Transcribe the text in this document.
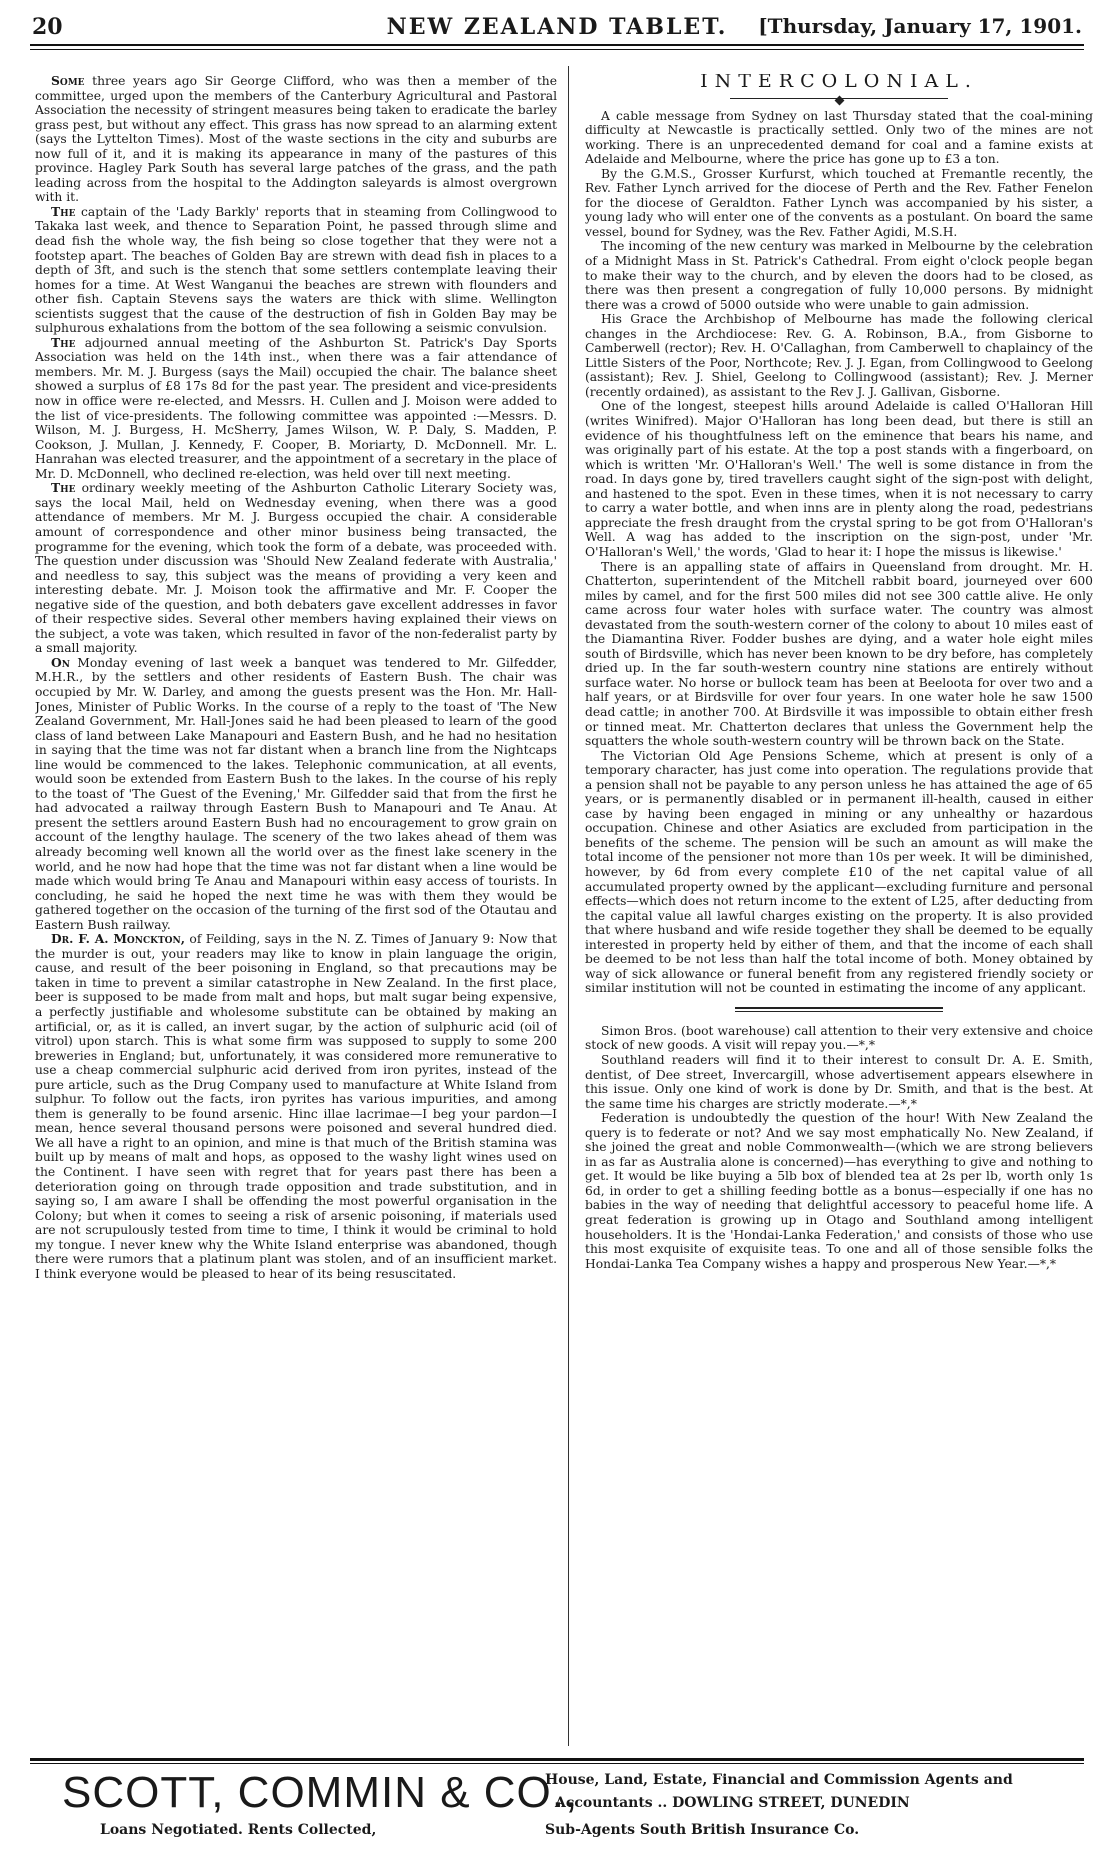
20	NEW ZEALAND TABLET.	[Thursday, January 17, 1901.

Some three years ago Sir George Clifford, who was then a member of the committee, urged upon the members of the Canterbury Agricultural and Pastoral Association the necessity of stringent measures being taken to eradicate the barley grass pest, but without any effect. This grass has now spread to an alarming extent (says the Lyttelton Times). Most of the waste sections in the city and suburbs are now full of it, and it is making its appearance in many of the pastures of this province. Hagley Park South has several large patches of the grass, and the path leading across from the hospital to the Addington saleyards is almost overgrown with it.

The captain of the 'Lady Barkly' reports that in steaming from Collingwood to Takaka last week, and thence to Separation Point, he passed through slime and dead fish the whole way, the fish being so close together that they were not a footstep apart. The beaches of Golden Bay are strewn with dead fish in places to a depth of 3ft, and such is the stench that some settlers contemplate leaving their homes for a time. At West Wanganui the beaches are strewn with flounders and other fish. Captain Stevens says the waters are thick with slime. Wellington scientists suggest that the cause of the destruction of fish in Golden Bay may be sulphurous exhalations from the bottom of the sea following a seismic convulsion.

The adjourned annual meeting of the Ashburton St. Patrick's Day Sports Association was held on the 14th inst., when there was a fair attendance of members. Mr. M. J. Burgess (says the Mail) occupied the chair. The balance sheet showed a surplus of £8 17s 8d for the past year. The president and vice-presidents now in office were re-elected, and Messrs. H. Cullen and J. Moison were added to the list of vice-presidents. The following committee was appointed :—Messrs. D. Wilson, M. J. Burgess, H. McSherry, James Wilson, W. P. Daly, S. Madden, P. Cookson, J. Mullan, J. Kennedy, F. Cooper, B. Moriarty, D. McDonnell. Mr. L. Hanrahan was elected treasurer, and the appointment of a secretary in the place of Mr. D. McDonnell, who declined re-election, was held over till next meeting.

The ordinary weekly meeting of the Ashburton Catholic Literary Society was, says the local Mail, held on Wednesday evening, when there was a good attendance of members. Mr M. J. Burgess occupied the chair. A considerable amount of correspondence and other minor business being transacted, the programme for the evening, which took the form of a debate, was proceeded with. The question under discussion was 'Should New Zealand federate with Australia,' and needless to say, this subject was the means of providing a very keen and interesting debate. Mr. J. Moison took the affirmative and Mr. F. Cooper the negative side of the question, and both debaters gave excellent addresses in favor of their respective sides. Several other members having explained their views on the subject, a vote was taken, which resulted in favor of the non-federalist party by a small majority.

On Monday evening of last week a banquet was tendered to Mr. Gilfedder, M.H.R., by the settlers and other residents of Eastern Bush. The chair was occupied by Mr. W. Darley, and among the guests present was the Hon. Mr. Hall-Jones, Minister of Public Works. In the course of a reply to the toast of 'The New Zealand Government, Mr. Hall-Jones said he had been pleased to learn of the good class of land between Lake Manapouri and Eastern Bush, and he had no hesitation in saying that the time was not far distant when a branch line from the Nightcaps line would be commenced to the lakes. Telephonic communication, at all events, would soon be extended from Eastern Bush to the lakes. In the course of his reply to the toast of 'The Guest of the Evening,' Mr. Gilfedder said that from the first he had advocated a railway through Eastern Bush to Manapouri and Te Anau. At present the settlers around Eastern Bush had no encouragement to grow grain on account of the lengthy haulage. The scenery of the two lakes ahead of them was already becoming well known all the world over as the finest lake scenery in the world, and he now had hope that the time was not far distant when a line would be made which would bring Te Anau and Manapouri within easy access of tourists. In concluding, he said he hoped the next time he was with them they would be gathered together on the occasion of the turning of the first sod of the Otautau and Eastern Bush railway.

Dr. F. A. Monckton, of Feilding, says in the N. Z. Times of January 9: Now that the murder is out, your readers may like to know in plain language the origin, cause, and result of the beer poisoning in England, so that precautions may be taken in time to prevent a similar catastrophe in New Zealand. In the first place, beer is supposed to be made from malt and hops, but malt sugar being expensive, a perfectly justifiable and wholesome substitute can be obtained by making an artificial, or, as it is called, an invert sugar, by the action of sulphuric acid (oil of vitrol) upon starch. This is what some firm was supposed to supply to some 200 breweries in England; but, unfortunately, it was considered more remunerative to use a cheap commercial sulphuric acid derived from iron pyrites, instead of the pure article, such as the Drug Company used to manufacture at White Island from sulphur. To follow out the facts, iron pyrites has various impurities, and among them is generally to be found arsenic. Hinc illae lacrimae—I beg your pardon—I mean, hence several thousand persons were poisoned and several hundred died. We all have a right to an opinion, and mine is that much of the British stamina was built up by means of malt and hops, as opposed to the washy light wines used on the Continent. I have seen with regret that for years past there has been a deterioration going on through trade opposition and trade substitution, and in saying so, I am aware I shall be offending the most powerful organisation in the Colony; but when it comes to seeing a risk of arsenic poisoning, if materials used are not scrupulously tested from time to time, I think it would be criminal to hold my tongue. I never knew why the White Island enterprise was abandoned, though there were rumors that a platinum plant was stolen, and of an insufficient market. I think everyone would be pleased to hear of its being resuscitated.

INTERCOLONIAL.

A cable message from Sydney on last Thursday stated that the coal-mining difficulty at Newcastle is practically settled. Only two of the mines are not working. There is an unprecedented demand for coal and a famine exists at Adelaide and Melbourne, where the price has gone up to £3 a ton.

By the G.M.S., Grosser Kurfurst, which touched at Fremantle recently, the Rev. Father Lynch arrived for the diocese of Perth and the Rev. Father Fenelon for the diocese of Geraldton. Father Lynch was accompanied by his sister, a young lady who will enter one of the convents as a postulant. On board the same vessel, bound for Sydney, was the Rev. Father Agidi, M.S.H.

The incoming of the new century was marked in Melbourne by the celebration of a Midnight Mass in St. Patrick's Cathedral. From eight o'clock people began to make their way to the church, and by eleven the doors had to be closed, as there was then present a congregation of fully 10,000 persons. By midnight there was a crowd of 5000 outside who were unable to gain admission.

His Grace the Archbishop of Melbourne has made the following clerical changes in the Archdiocese: Rev. G. A. Robinson, B.A., from Gisborne to Camberwell (rector); Rev. H. O'Callaghan, from Camberwell to chaplaincy of the Little Sisters of the Poor, Northcote; Rev. J. J. Egan, from Collingwood to Geelong (assistant); Rev. J. Shiel, Geelong to Collingwood (assistant); Rev. J. Merner (recently ordained), as assistant to the Rev J. J. Gallivan, Gisborne.

One of the longest, steepest hills around Adelaide is called O'Halloran Hill (writes Winifred). Major O'Halloran has long been dead, but there is still an evidence of his thoughtfulness left on the eminence that bears his name, and was originally part of his estate. At the top a post stands with a fingerboard, on which is written 'Mr. O'Halloran's Well.' The well is some distance in from the road. In days gone by, tired travellers caught sight of the sign-post with delight, and hastened to the spot. Even in these times, when it is not necessary to carry to carry a water bottle, and when inns are in plenty along the road, pedestrians appreciate the fresh draught from the crystal spring to be got from O'Halloran's Well. A wag has added to the inscription on the sign-post, under 'Mr. O'Halloran's Well,' the words, 'Glad to hear it: I hope the missus is likewise.'

There is an appalling state of affairs in Queensland from drought. Mr. H. Chatterton, superintendent of the Mitchell rabbit board, journeyed over 600 miles by camel, and for the first 500 miles did not see 300 cattle alive. He only came across four water holes with surface water. The country was almost devastated from the south-western corner of the colony to about 10 miles east of the Diamantina River. Fodder bushes are dying, and a water hole eight miles south of Birdsville, which has never been known to be dry before, has completely dried up. In the far south-western country nine stations are entirely without surface water. No horse or bullock team has been at Beeloota for over two and a half years, or at Birdsville for over four years. In one water hole he saw 1500 dead cattle; in another 700. At Birdsville it was impossible to obtain either fresh or tinned meat. Mr. Chatterton declares that unless the Government help the squatters the whole south-western country will be thrown back on the State.

The Victorian Old Age Pensions Scheme, which at present is only of a temporary character, has just come into operation. The regulations provide that a pension shall not be payable to any person unless he has attained the age of 65 years, or is permanently disabled or in permanent ill-health, caused in either case by having been engaged in mining or any unhealthy or hazardous occupation. Chinese and other Asiatics are excluded from participation in the benefits of the scheme. The pension will be such an amount as will make the total income of the pensioner not more than 10s per week. It will be diminished, however, by 6d from every complete £10 of the net capital value of all accumulated property owned by the applicant—excluding furniture and personal effects—which does not return income to the extent of L25, after deducting from the capital value all lawful charges existing on the property. It is also provided that where husband and wife reside together they shall be deemed to be equally interested in property held by either of them, and that the income of each shall be deemed to be not less than half the total income of both. Money obtained by way of sick allowance or funeral benefit from any registered friendly society or similar institution will not be counted in estimating the income of any applicant.

Simon Bros. (boot warehouse) call attention to their very extensive and choice stock of new goods. A visit will repay you.—*,*

Southland readers will find it to their interest to consult Dr. A. E. Smith, dentist, of Dee street, Invercargill, whose advertisement appears elsewhere in this issue. Only one kind of work is done by Dr. Smith, and that is the best. At the same time his charges are strictly moderate.—*,*

Federation is undoubtedly the question of the hour! With New Zealand the query is to federate or not? And we say most emphatically No. New Zealand, if she joined the great and noble Commonwealth—(which we are strong believers in as far as Australia alone is concerned)—has everything to give and nothing to get. It would be like buying a 5lb box of blended tea at 2s per lb, worth only 1s 6d, in order to get a shilling feeding bottle as a bonus—especially if one has no babies in the way of needing that delightful accessory to peaceful home life. A great federation is growing up in Otago and Southland among intelligent householders. It is the 'Hondai-Lanka Federation,' and consists of those who use this most exquisite of exquisite teas. To one and all of those sensible folks the Hondai-Lanka Tea Company wishes a happy and prosperous New Year.—*,*

SCOTT, COMMIN & CO.,
Loans Negotiated. Rents Collected,
House, Land, Estate, Financial and Commission Agents and
Accountants .. DOWLING STREET, DUNEDIN
Sub-Agents South British Insurance Co.
